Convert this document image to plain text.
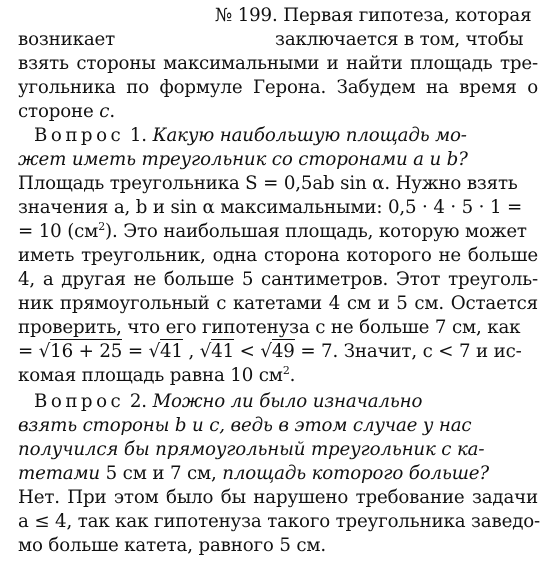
№ 199. Первая гипотеза, которая
возникает	заключается в том, чтобы
взять стороны максимальными и найти площадь тре-
угольника по формуле Герона. Забудем на время о
стороне c.
Вопрос 1. Какую наибольшую площадь мо-
жет иметь треугольник со сторонами a и b?
Площадь треугольника S = 0,5ab sin α. Нужно взять
значения a, b и sin α максимальными: 0,5 · 4 · 5 · 1 =
= 10 $(см^2)$. Это наибольшая площадь, которую может
иметь треугольник, одна сторона которого не больше
4, а другая не больше 5 сантиметров. Этот треуголь-
ник прямоугольный с катетами 4 см и 5 см. Остается
проверить, что его гипотенуза c не больше 7 см, как
= √16 + 25 = √41 , √41 < √49 = 7. Значит, c < 7 и ис-
комая площадь равна 10 $см^2$.
Вопрос 2. Можно ли было изначально
взять стороны b и c, ведь в этом случае у нас
получился бы прямоугольный треугольник с ка-
тетами 5 см и 7 см, площадь которого больше?
Нет. При этом было бы нарушено требование задачи
a ≤ 4, так как гипотенуза такого треугольника заведо-
мо больше катета, равного 5 см.
